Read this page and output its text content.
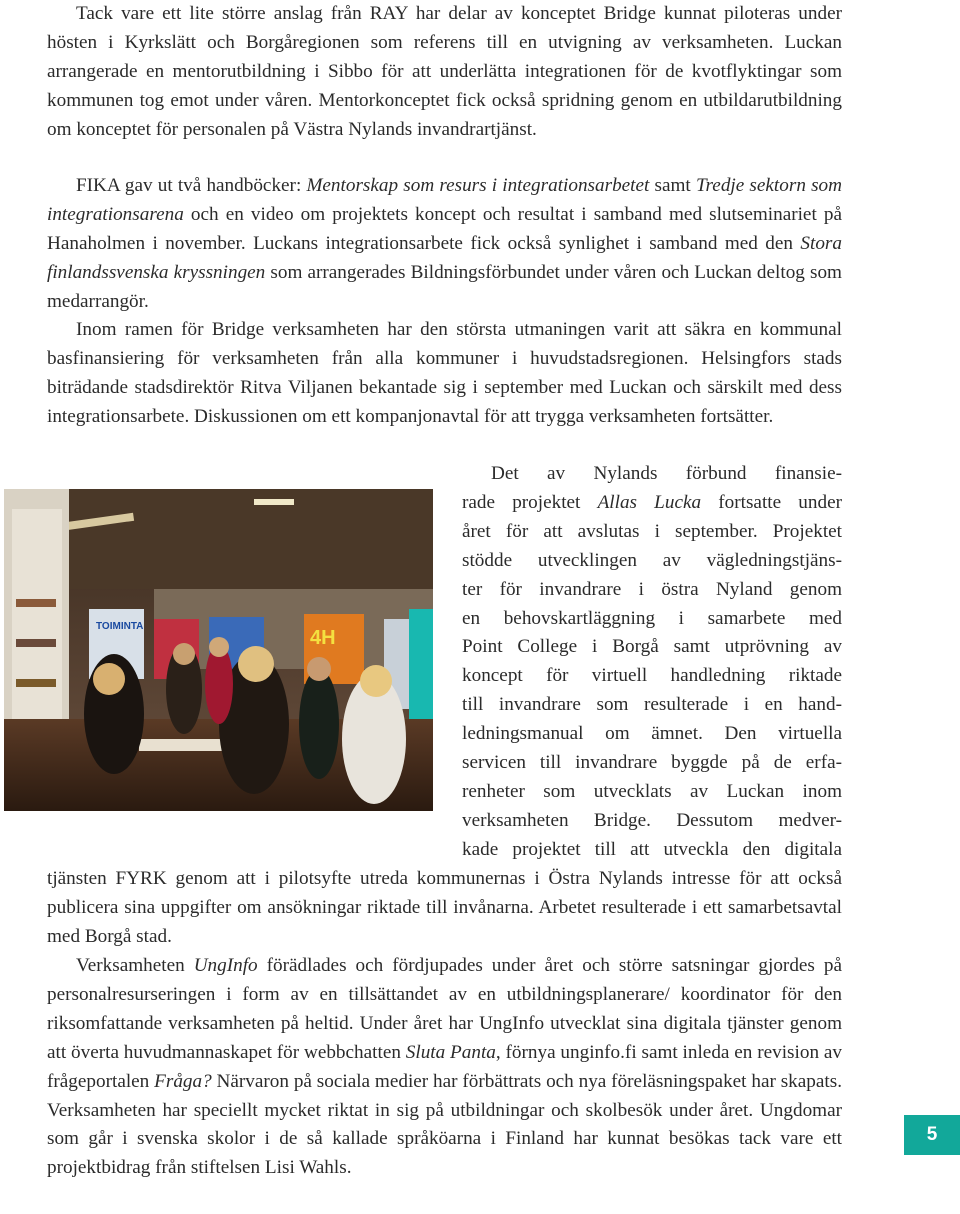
Tack vare ett lite större anslag från RAY har delar av konceptet Bridge kunnat piloteras under hösten i Kyrkslätt och Borgåregionen som referens till en utvigning av verksamheten. Luckan arrangerade en mentorutbildning i Sibbo för att underlätta integrationen för de kvotflyktingar som kommunen tog emot under våren. Mentorkonceptet fick också spridning genom en utbildarutbildning om konceptet för personalen på Västra Nylands invandrartjänst.

FIKA gav ut två handböcker: Mentorskap som resurs i integrationsarbetet samt Tredje sektorn som integrationsarena och en video om projektets koncept och resultat i samband med slutseminariet på Hanaholmen i november. Luckans integrationsarbete fick också synlighet i samband med den Stora finlandssvenska kryssningen som arrangerades Bildningsförbundet under våren och Luckan deltog som medarrangör.

Inom ramen för Bridge verksamheten har den största utmaningen varit att säkra en kommunal basfinansiering för verksamheten från alla kommuner i huvudstadsregionen. Helsingfors stads biträdande stadsdirektör Ritva Viljanen bekantade sig i september med Luckan och särskilt med dess integrationsarbete. Diskussionen om ett kompanjonavtal för att trygga verksamheten fortsätter.

TOIMINTA
4H

Det av Nylands förbund finansie-

rade projektet Allas Lucka fortsatte under

året för att avslutas i september. Projektet

stödde utvecklingen av vägledningstjäns-

ter för invandrare i östra Nyland genom

en behovskartläggning i samarbete med

Point College i Borgå samt utprövning av

koncept för virtuell handledning riktade

till invandrare som resulterade i en hand-

ledningsmanual om ämnet. Den virtuella

servicen till invandrare byggde på de erfa-

renheter som utvecklats av Luckan inom

verksamheten Bridge. Dessutom medver-

kade projektet till att utveckla den digitala

tjänsten FYRK genom att i pilotsyfte utreda kommunernas i Östra Nylands intresse för att också publicera sina uppgifter om ansökningar riktade till invånarna. Arbetet resulterade i ett samarbetsavtal med Borgå stad.

Verksamheten UngInfo förädlades och fördjupades under året och större satsningar gjordes på personalresurseringen i form av en tillsättandet av en utbildningsplanerare/ koordinator för den riksomfattande verksamheten på heltid. Under året har UngInfo utvecklat sina digitala tjänster genom att överta huvudmannaskapet för webbchatten Sluta Panta, förnya unginfo.fi samt inleda en revision av frågeportalen Fråga? Närvaron på sociala medier har förbättrats och nya föreläsningspaket har skapats. Verksamheten har speciellt mycket riktat in sig på utbildningar och skolbesök under året. Ungdomar som går i svenska skolor i de så kallade språköarna i Finland har kunnat besökas tack vare ett projektbidrag från stiftelsen Lisi Wahls.

5
